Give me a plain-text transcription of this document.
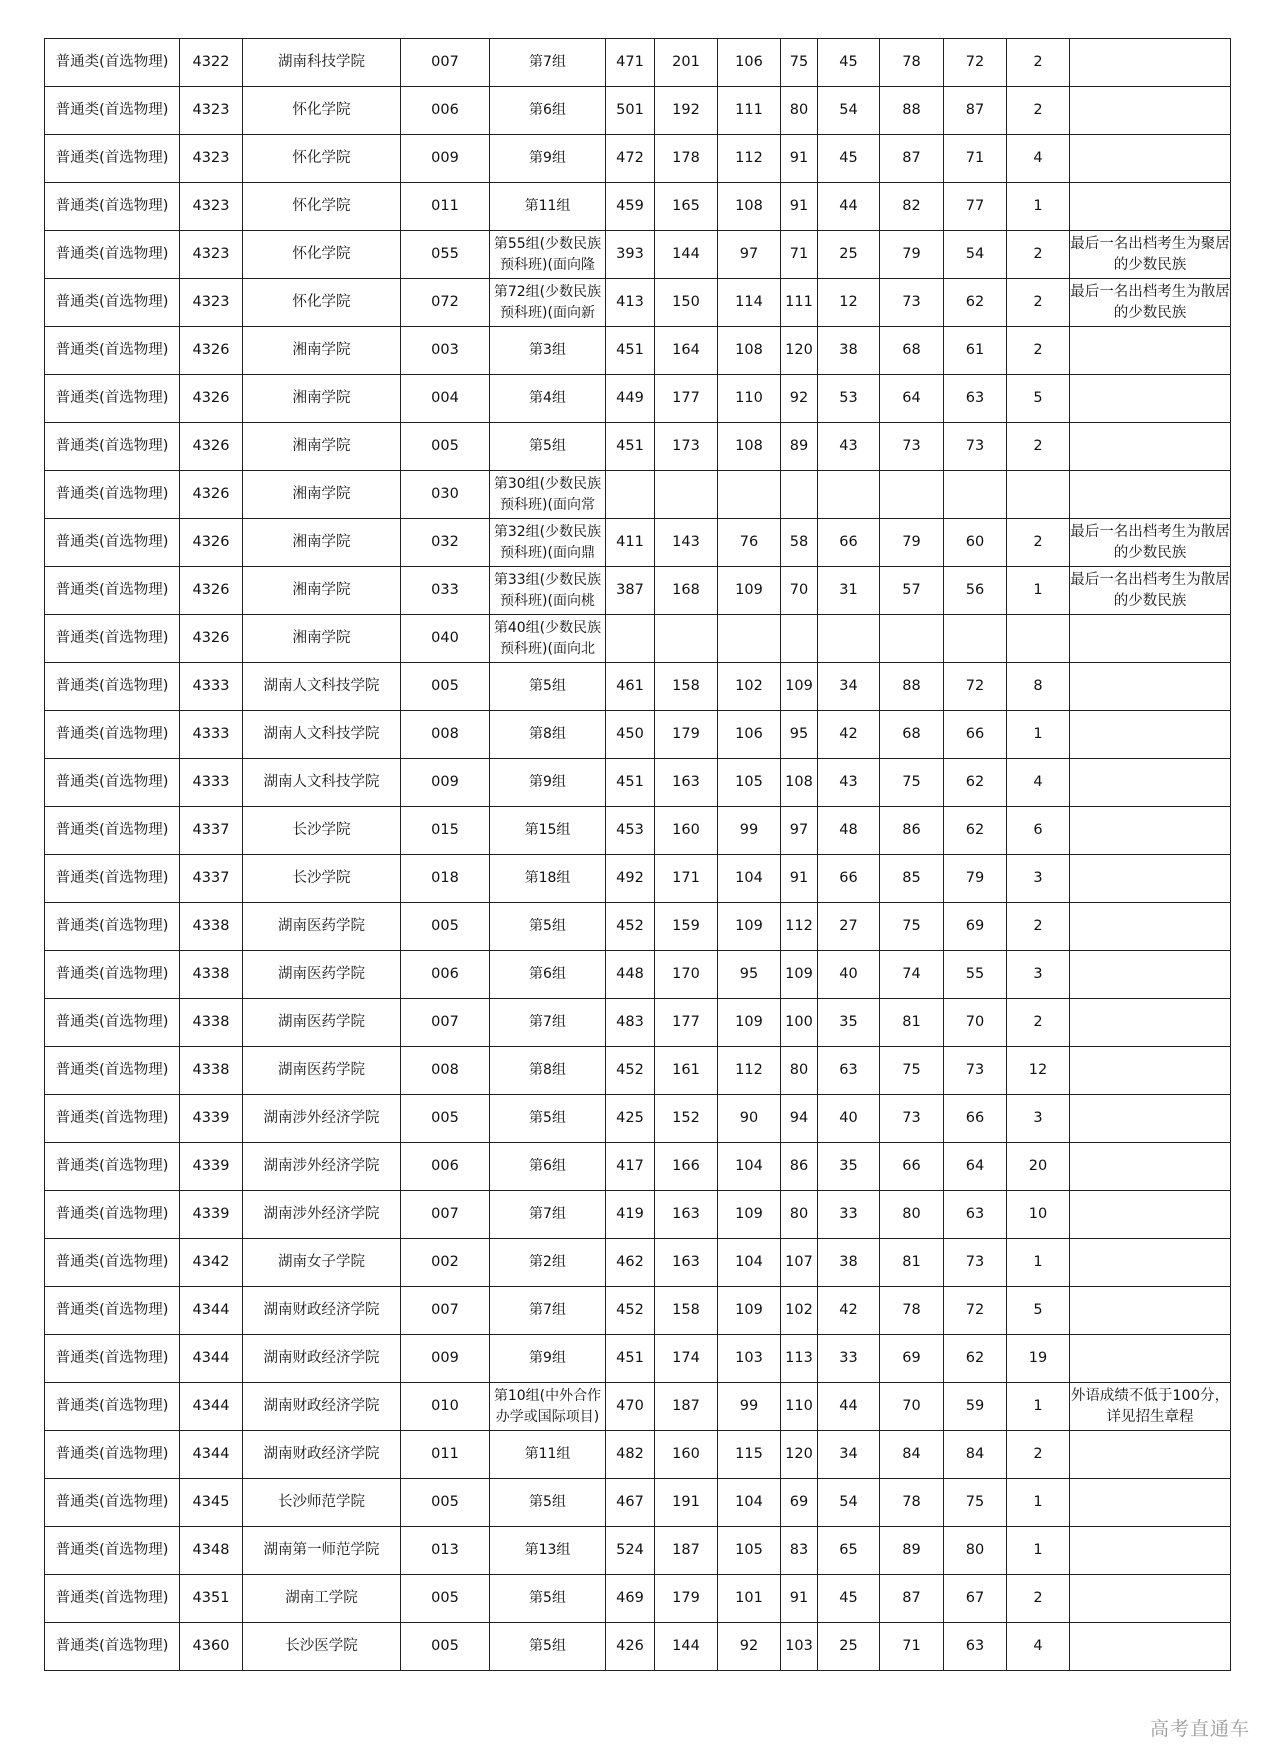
普通类(首选物理)	4322	湖南科技学院	007	第7组	471	201	106	75	45	78	72	2	

普通类(首选物理)	4323	怀化学院	006	第6组	501	192	111	80	54	88	87	2	

普通类(首选物理)	4323	怀化学院	009	第9组	472	178	112	91	45	87	71	4	

普通类(首选物理)	4323	怀化学院	011	第11组	459	165	108	91	44	82	77	1	

普通类(首选物理)	4323	怀化学院	055	第55组(少数民族预科班)(面向隆	393	144	97	71	25	79	54	2	最后一名出档考生为聚居的少数民族

普通类(首选物理)	4323	怀化学院	072	第72组(少数民族预科班)(面向新	413	150	114	111	12	73	62	2	最后一名出档考生为散居的少数民族

普通类(首选物理)	4326	湘南学院	003	第3组	451	164	108	120	38	68	61	2	

普通类(首选物理)	4326	湘南学院	004	第4组	449	177	110	92	53	64	63	5	

普通类(首选物理)	4326	湘南学院	005	第5组	451	173	108	89	43	73	73	2	

普通类(首选物理)	4326	湘南学院	030	第30组(少数民族预科班)(面向常									

普通类(首选物理)	4326	湘南学院	032	第32组(少数民族预科班)(面向鼎	411	143	76	58	66	79	60	2	最后一名出档考生为散居的少数民族

普通类(首选物理)	4326	湘南学院	033	第33组(少数民族预科班)(面向桃	387	168	109	70	31	57	56	1	最后一名出档考生为散居的少数民族

普通类(首选物理)	4326	湘南学院	040	第40组(少数民族预科班)(面向北									

普通类(首选物理)	4333	湖南人文科技学院	005	第5组	461	158	102	109	34	88	72	8	

普通类(首选物理)	4333	湖南人文科技学院	008	第8组	450	179	106	95	42	68	66	1	

普通类(首选物理)	4333	湖南人文科技学院	009	第9组	451	163	105	108	43	75	62	4	

普通类(首选物理)	4337	长沙学院	015	第15组	453	160	99	97	48	86	62	6	

普通类(首选物理)	4337	长沙学院	018	第18组	492	171	104	91	66	85	79	3	

普通类(首选物理)	4338	湖南医药学院	005	第5组	452	159	109	112	27	75	69	2	

普通类(首选物理)	4338	湖南医药学院	006	第6组	448	170	95	109	40	74	55	3	

普通类(首选物理)	4338	湖南医药学院	007	第7组	483	177	109	100	35	81	70	2	

普通类(首选物理)	4338	湖南医药学院	008	第8组	452	161	112	80	63	75	73	12	

普通类(首选物理)	4339	湖南涉外经济学院	005	第5组	425	152	90	94	40	73	66	3	

普通类(首选物理)	4339	湖南涉外经济学院	006	第6组	417	166	104	86	35	66	64	20	

普通类(首选物理)	4339	湖南涉外经济学院	007	第7组	419	163	109	80	33	80	63	10	

普通类(首选物理)	4342	湖南女子学院	002	第2组	462	163	104	107	38	81	73	1	

普通类(首选物理)	4344	湖南财政经济学院	007	第7组	452	158	109	102	42	78	72	5	

普通类(首选物理)	4344	湖南财政经济学院	009	第9组	451	174	103	113	33	69	62	19	

普通类(首选物理)	4344	湖南财政经济学院	010	第10组(中外合作办学或国际项目)	470	187	99	110	44	70	59	1	外语成绩不低于100分，详见招生章程

普通类(首选物理)	4344	湖南财政经济学院	011	第11组	482	160	115	120	34	84	84	2	

普通类(首选物理)	4345	长沙师范学院	005	第5组	467	191	104	69	54	78	75	1	

普通类(首选物理)	4348	湖南第一师范学院	013	第13组	524	187	105	83	65	89	80	1	

普通类(首选物理)	4351	湖南工学院	005	第5组	469	179	101	91	45	87	67	2	

普通类(首选物理)	4360	长沙医学院	005	第5组	426	144	92	103	25	71	63	4	
高考直通车
